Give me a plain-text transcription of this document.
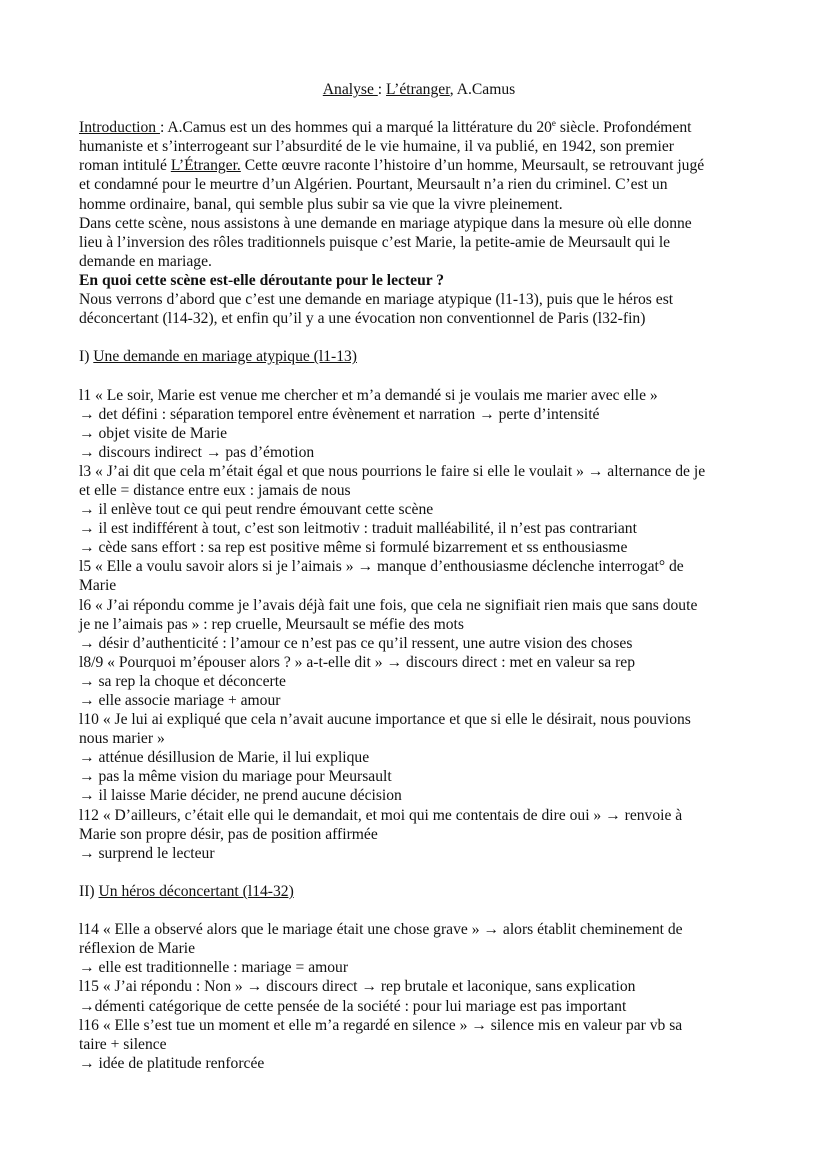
Analyse : L’étranger, A.Camus
Introduction : A.Camus est un des hommes qui a marqué la littérature du 20e siècle. Profondément
humaniste et s’interrogeant sur l’absurdité de le vie humaine, il va publié, en 1942, son premier
roman intitulé L’Étranger. Cette œuvre raconte l’histoire d’un homme, Meursault, se retrouvant jugé
et condamné pour le meurtre d’un Algérien. Pourtant, Meursault n’a rien du criminel. C’est un
homme ordinaire, banal, qui semble plus subir sa vie que la vivre pleinement.
Dans cette scène, nous assistons à une demande en mariage atypique dans la mesure où elle donne
lieu à l’inversion des rôles traditionnels puisque c’est Marie, la petite-amie de Meursault qui le
demande en mariage.
En quoi cette scène est-elle déroutante pour le lecteur ?
Nous verrons d’abord que c’est une demande en mariage atypique (l1-13), puis que le héros est
déconcertant (l14-32), et enfin qu’il y a une évocation non conventionnel de Paris (l32-fin)
I) Une demande en mariage atypique (l1-13)
l1 « Le soir, Marie est venue me chercher et m’a demandé si je voulais me marier avec elle »
→ det défini : séparation temporel entre évènement et narration → perte d’intensité
→ objet visite de Marie
→ discours indirect → pas d’émotion
l3 « J’ai dit que cela m’était égal et que nous pourrions le faire si elle le voulait » → alternance de je
et elle = distance entre eux : jamais de nous
→ il enlève tout ce qui peut rendre émouvant cette scène
→ il est indifférent à tout, c’est son leitmotiv : traduit malléabilité, il n’est pas contrariant
→ cède sans effort : sa rep est positive même si formulé bizarrement et ss enthousiasme
l5 « Elle a voulu savoir alors si je l’aimais » → manque d’enthousiasme déclenche interrogat° de
Marie
l6 « J’ai répondu comme je l’avais déjà fait une fois, que cela ne signifiait rien mais que sans doute
je ne l’aimais pas » : rep cruelle, Meursault se méfie des mots
→ désir d’authenticité : l’amour ce n’est pas ce qu’il ressent, une autre vision des choses
l8/9 « Pourquoi m’épouser alors ? » a-t-elle dit » → discours direct : met en valeur sa rep
→ sa rep la choque et déconcerte
→ elle associe mariage + amour
l10 « Je lui ai expliqué que cela n’avait aucune importance et que si elle le désirait, nous pouvions
nous marier »
→ atténue désillusion de Marie, il lui explique
→ pas la même vision du mariage pour Meursault
→ il laisse Marie décider, ne prend aucune décision
l12 « D’ailleurs, c’était elle qui le demandait, et moi qui me contentais de dire oui » → renvoie à
Marie son propre désir, pas de position affirmée
→ surprend le lecteur
II) Un héros déconcertant (l14-32)
l14 « Elle a observé alors que le mariage était une chose grave » → alors établit cheminement de
réflexion de Marie
→ elle est traditionnelle : mariage = amour
l15 « J’ai répondu : Non » → discours direct → rep brutale et laconique, sans explication
→démenti catégorique de cette pensée de la société : pour lui mariage est pas important
l16 « Elle s’est tue un moment et elle m’a regardé en silence » → silence mis en valeur par vb sa
taire + silence
→ idée de platitude renforcée
